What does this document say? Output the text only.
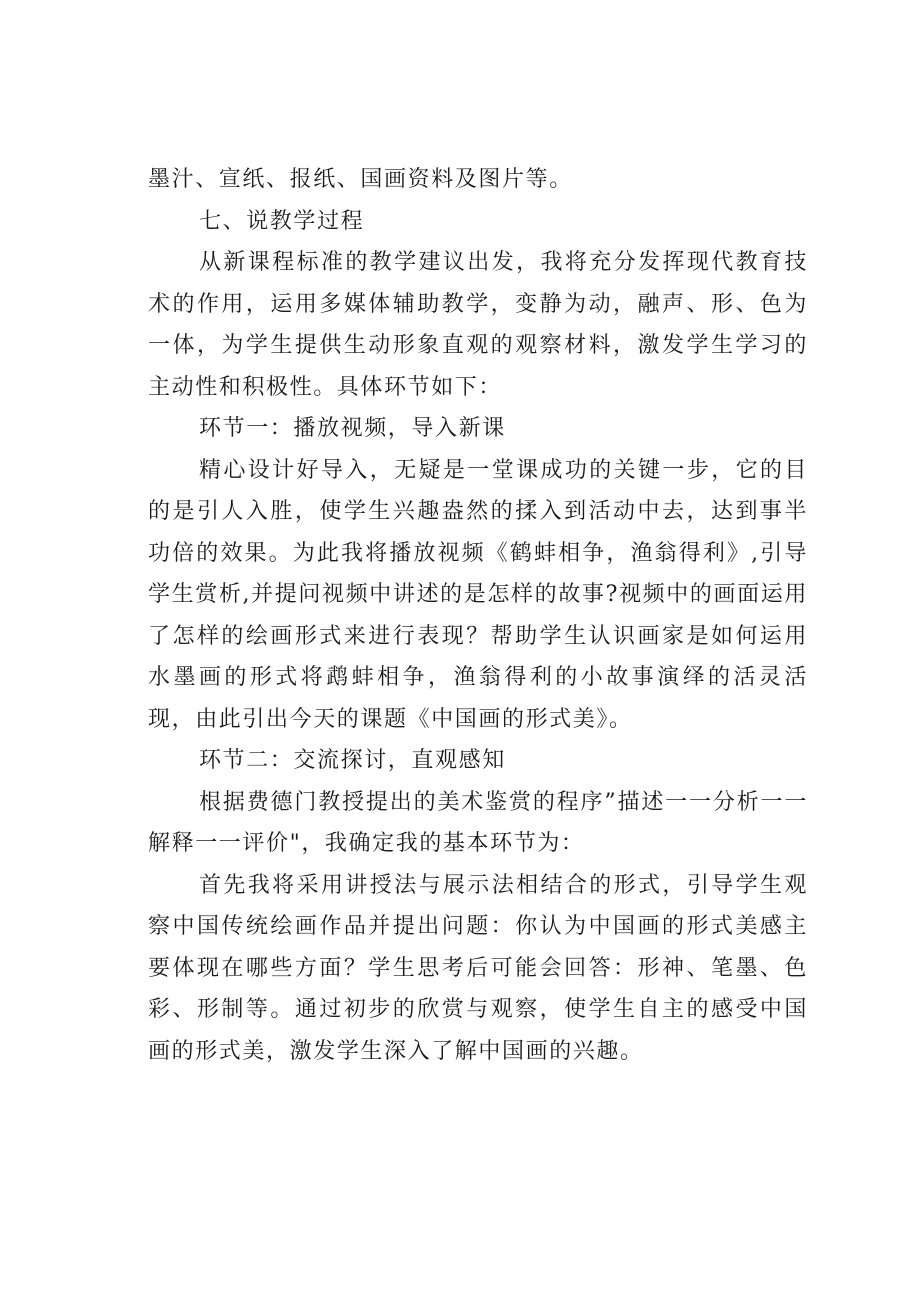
墨汁、宣纸、报纸、国画资料及图片等。

七、说教学过程

从新课程标准的教学建议出发，我将充分发挥现代教育技术的作用，运用多媒体辅助教学，变静为动，融声、形、色为一体，为学生提供生动形象直观的观察材料，激发学生学习的主动性和积极性。具体环节如下：

环节一：播放视频，导入新课

精心设计好导入，无疑是一堂课成功的关键一步，它的目的是引人入胜，使学生兴趣盎然的揉入到活动中去，达到事半功倍的效果。为此我将播放视频《鹤蚌相争，渔翁得利》,引导学生赏析,并提问视频中讲述的是怎样的故事?视频中的画面运用了怎样的绘画形式来进行表现？帮助学生认识画家是如何运用水墨画的形式将鹉蚌相争，渔翁得利的小故事演绎的活灵活现，由此引出今天的课题《中国画的形式美》。

环节二：交流探讨，直观感知

根据费德门教授提出的美术鉴赏的程序”描述一一分析一一解释一一评价"，我确定我的基本环节为：

首先我将采用讲授法与展示法相结合的形式，引导学生观察中国传统绘画作品并提出问题：你认为中国画的形式美感主要体现在哪些方面？学生思考后可能会回答：形神、笔墨、色彩、形制等。通过初步的欣赏与观察，使学生自主的感受中国画的形式美，激发学生深入了解中国画的兴趣。
